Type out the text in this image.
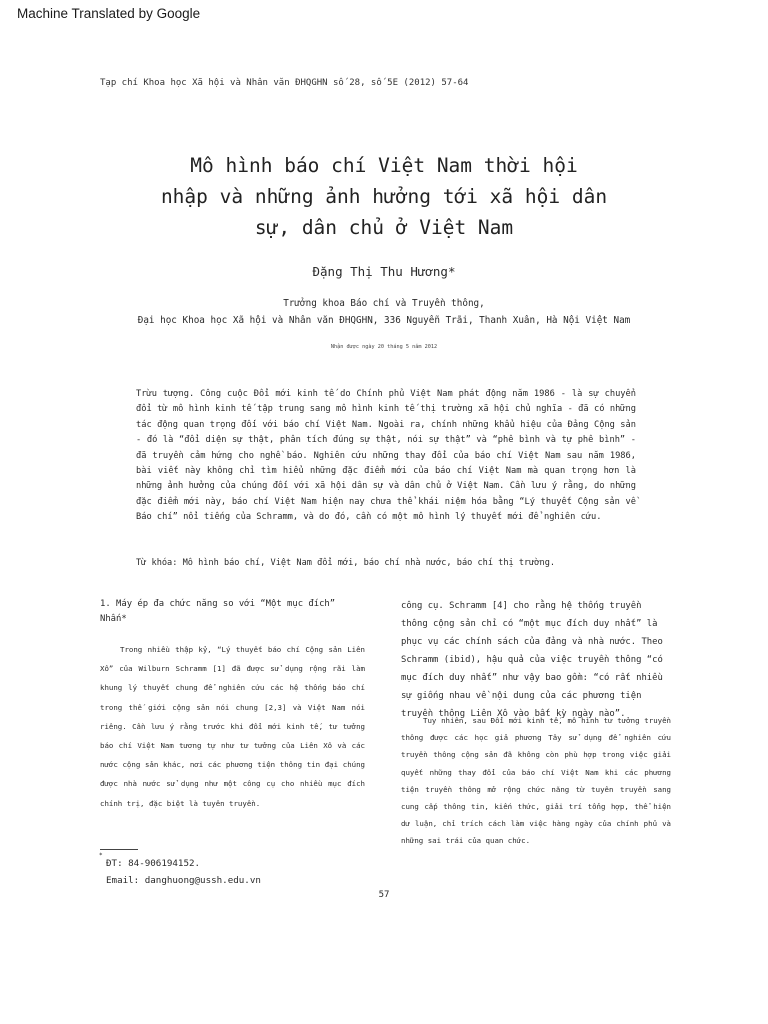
Machine Translated by Google
Tạp chí Khoa học Xã hội và Nhân văn ĐHQGHN số 28, số 5E (2012) 57-64
Mô hình báo chí Việt Nam thời hội
nhập và những ảnh hưởng tới xã hội dân
sự, dân chủ ở Việt Nam
Đặng Thị Thu Hương*
Trưởng khoa Báo chí và Truyền thông,
Đại học Khoa học Xã hội và Nhân văn ĐHQGHN, 336 Nguyễn Trãi, Thanh Xuân, Hà Nội Việt Nam
Nhận được ngày 20 tháng 5 năm 2012
Trừu tượng. Công cuộc Đổi mới kinh tế do Chính phủ Việt Nam phát động năm 1986 - là sự chuyển đổi từ mô hình kinh tế tập trung sang mô hình kinh tế thị trường xã hội chủ nghĩa - đã có những tác động quan trọng đối với báo chí Việt Nam. Ngoài ra, chính những khẩu hiệu của Đảng Cộng sản - đó là “đổi diện sự thật, phân tích đúng sự thật, nói sự thật” và “phê bình và tự phê bình” - đã truyền cảm hứng cho nghề báo. Nghiên cứu những thay đổi của báo chí Việt Nam sau năm 1986, bài viết này không chỉ tìm hiểu những đặc điểm mới của báo chí Việt Nam mà quan trọng hơn là những ảnh hưởng của chúng đối với xã hội dân sự và dân chủ ở Việt Nam. Cần lưu ý rằng, do những đặc điểm mới này, báo chí Việt Nam hiện nay chưa thể khái niệm hóa bằng “Lý thuyết Cộng sản về Báo chí” nổi tiếng của Schramm, và do đó, cần có một mô hình lý thuyết mới để nghiên cứu.
Từ khóa: Mô hình báo chí, Việt Nam đổi mới, báo chí nhà nước, báo chí thị trường.
1. Máy ép đa chức năng so với “Một mục đích” Nhấn*
Trong nhiều thập kỷ, “Lý thuyết báo chí Cộng sản Liên Xô” của Wilburn Schramm [1] đã được sử dụng rộng rãi làm khung lý thuyết chung để nghiên cứu các hệ thống báo chí trong thế giới cộng sản nói chung [2,3] và Việt Nam nói riêng. Cần lưu ý rằng trước khi đổi mới kinh tế, tư tưởng báo chí Việt Nam tương tự như tư tưởng của Liên Xô và các nước cộng sản khác, nơi các phương tiện thông tin đại chúng được nhà nước sử dụng như một công cụ cho nhiều mục đích chính trị, đặc biệt là tuyên truyền.
công cụ. Schramm [4] cho rằng hệ thống truyền thông cộng sản chỉ có “một mục đích duy nhất” là phục vụ các chính sách của đảng và nhà nước. Theo Schramm (ibid), hậu quả của việc truyền thông “có mục đích duy nhất” như vậy bao gồm: “có rất nhiều sự giống nhau về nội dung của các phương tiện truyền thông Liên Xô vào bất kỳ ngày nào”.
Tuy nhiên, sau Đổi mới kinh tế, mô hình tư tưởng truyền thông được các học giả phương Tây sử dụng để nghiên cứu truyền thông cộng sản đã không còn phù hợp trong việc giải quyết những thay đổi của báo chí Việt Nam khi các phương tiện truyền thông mở rộng chức năng từ tuyên truyền sang cung cấp thông tin, kiến thức, giải trí tổng hợp, thể hiện dư luận, chỉ trích cách làm việc hàng ngày của chính phủ và những sai trái của quan chức.
*
ĐT: 84-906194152.
Email: danghuong@ussh.edu.vn
57
